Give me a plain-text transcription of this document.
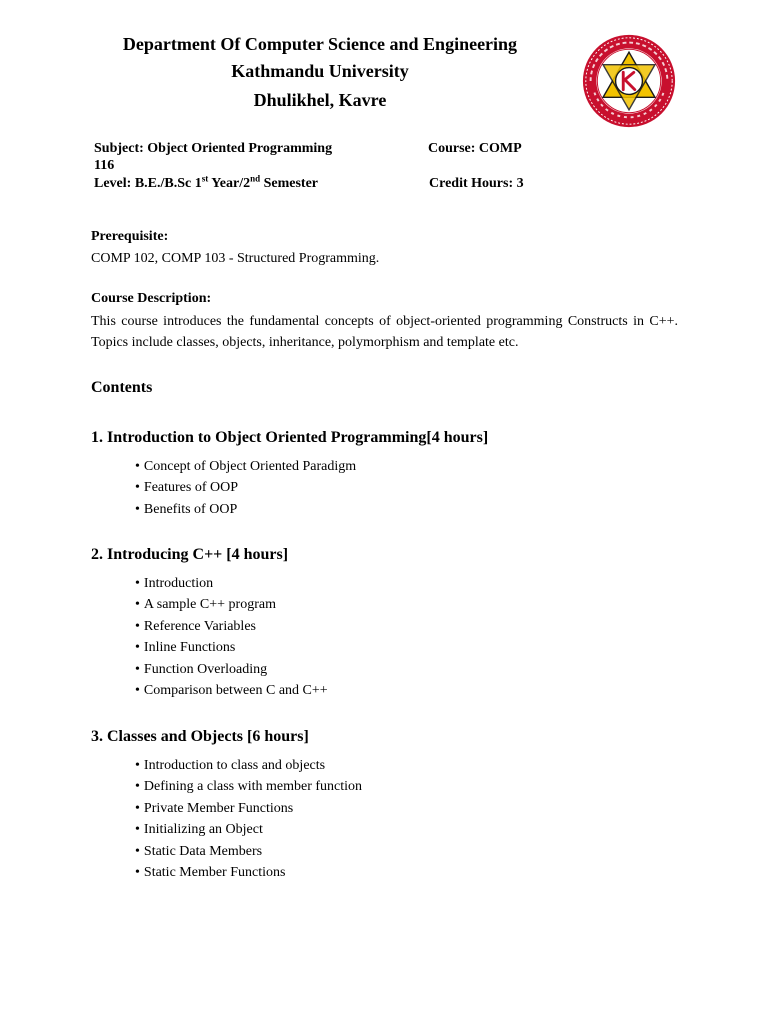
Department Of Computer Science and Engineering
Kathmandu University
Dhulikhel, Kavre
Subject: Object Oriented Programming	Course: COMP
116
Level: B.E./B.Sc 1st Year/2nd Semester	Credit Hours: 3
Prerequisite:
COMP 102, COMP 103 - Structured Programming.
Course Description:
This course introduces the fundamental concepts of object-oriented programming Constructs in C++. Topics include classes, objects, inheritance, polymorphism and template etc.
Contents
1. Introduction to Object Oriented Programming[4 hours]
• Concept of Object Oriented Paradigm
• Features of OOP
• Benefits of OOP
2. Introducing C++ [4 hours]
• Introduction
• A sample C++ program
• Reference Variables
• Inline Functions
• Function Overloading
• Comparison between C and C++
3. Classes and Objects [6 hours]
• Introduction to class and objects
• Defining a class with member function
• Private Member Functions
• Initializing an Object
• Static Data Members
• Static Member Functions
